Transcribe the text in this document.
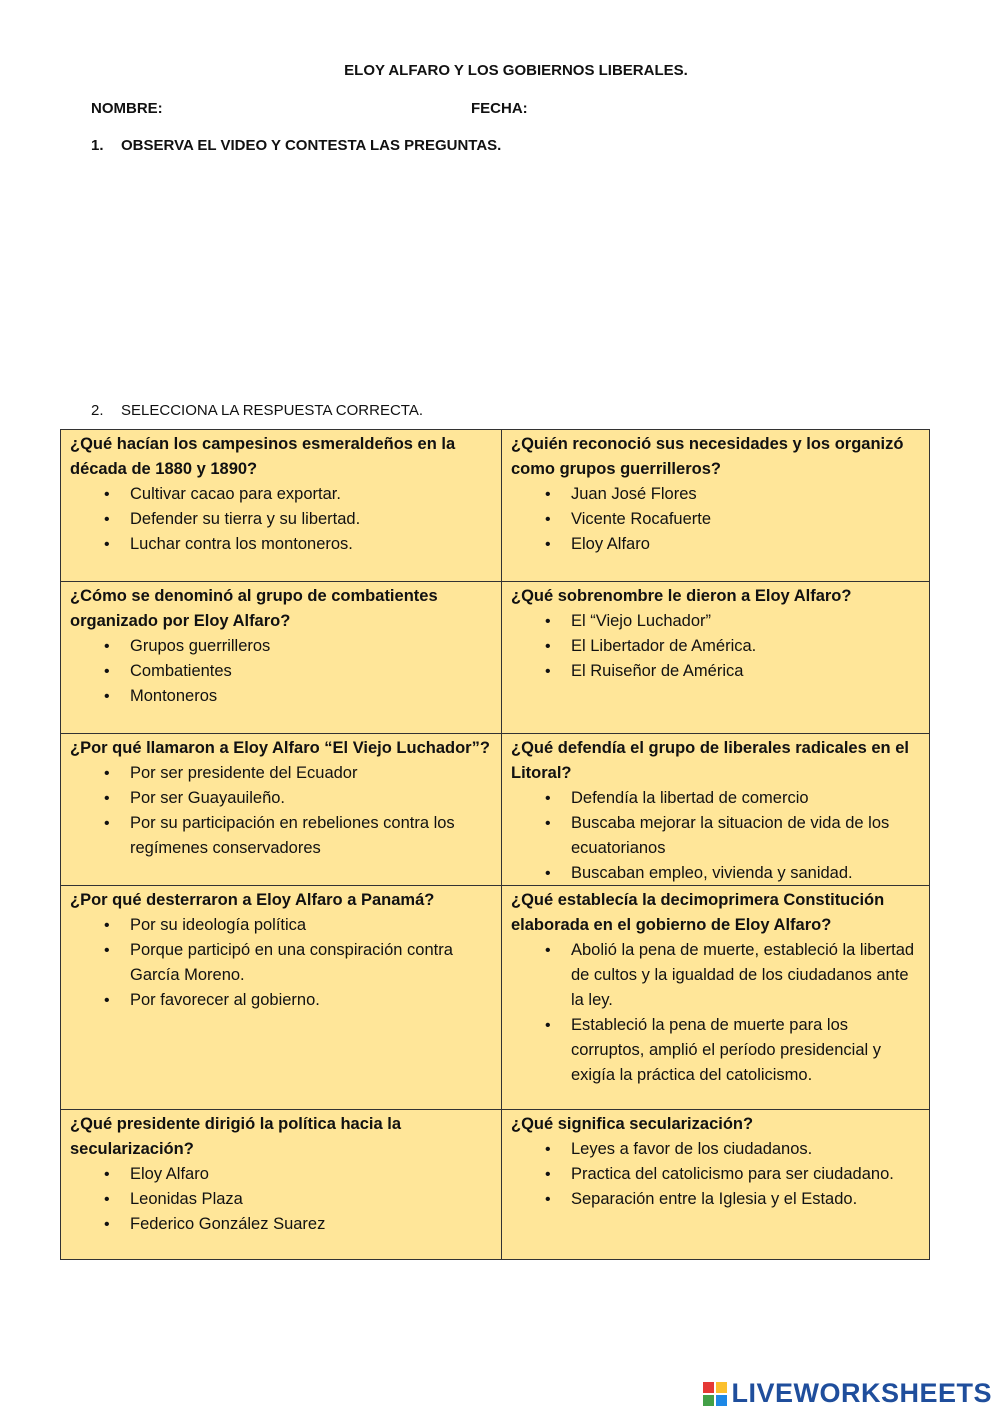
ELOY ALFARO Y LOS GOBIERNOS LIBERALES.
NOMBRE:	FECHA:
1. OBSERVA EL VIDEO Y CONTESTA LAS PREGUNTAS.
2. SELECCIONA LA RESPUESTA CORRECTA.
¿Qué hacían los campesinos esmeraldeños en la década de 1880 y 1890?
• Cultivar cacao para exportar.
• Defender su tierra y su libertad.
• Luchar contra los montoneros.
¿Quién reconoció sus necesidades y los organizó como grupos guerrilleros?
• Juan José Flores
• Vicente Rocafuerte
• Eloy Alfaro
¿Cómo se denominó al grupo de combatientes organizado por Eloy Alfaro?
• Grupos guerrilleros
• Combatientes
• Montoneros
¿Qué sobrenombre le dieron a Eloy Alfaro?
• El “Viejo Luchador”
• El Libertador de América.
• El Ruiseñor de América
¿Por qué llamaron a Eloy Alfaro “El Viejo Luchador”?
• Por ser presidente del Ecuador
• Por ser Guayauileño.
• Por su participación en rebeliones contra los regímenes conservadores
¿Qué defendía el grupo de liberales radicales en el Litoral?
• Defendía la libertad de comercio
• Buscaba mejorar la situacion de vida de los ecuatorianos
• Buscaban empleo, vivienda y sanidad.
¿Por qué desterraron a Eloy Alfaro a Panamá?
• Por su ideología política
• Porque participó en una conspiración contra García Moreno.
• Por favorecer al gobierno.
¿Qué establecía la decimoprimera Constitución elaborada en el gobierno de Eloy Alfaro?
• Abolió la pena de muerte, estableció la libertad de cultos y la igualdad de los ciudadanos ante la ley.
• Estableció la pena de muerte para los corruptos, amplió el período presidencial y exigía la práctica del catolicismo.
¿Qué presidente dirigió la política hacia la secularización?
• Eloy Alfaro
• Leonidas Plaza
• Federico González Suarez
¿Qué significa secularización?
• Leyes a favor de los ciudadanos.
• Practica del catolicismo para ser ciudadano.
• Separación entre la Iglesia y el Estado.
LIVEWORKSHEETS
